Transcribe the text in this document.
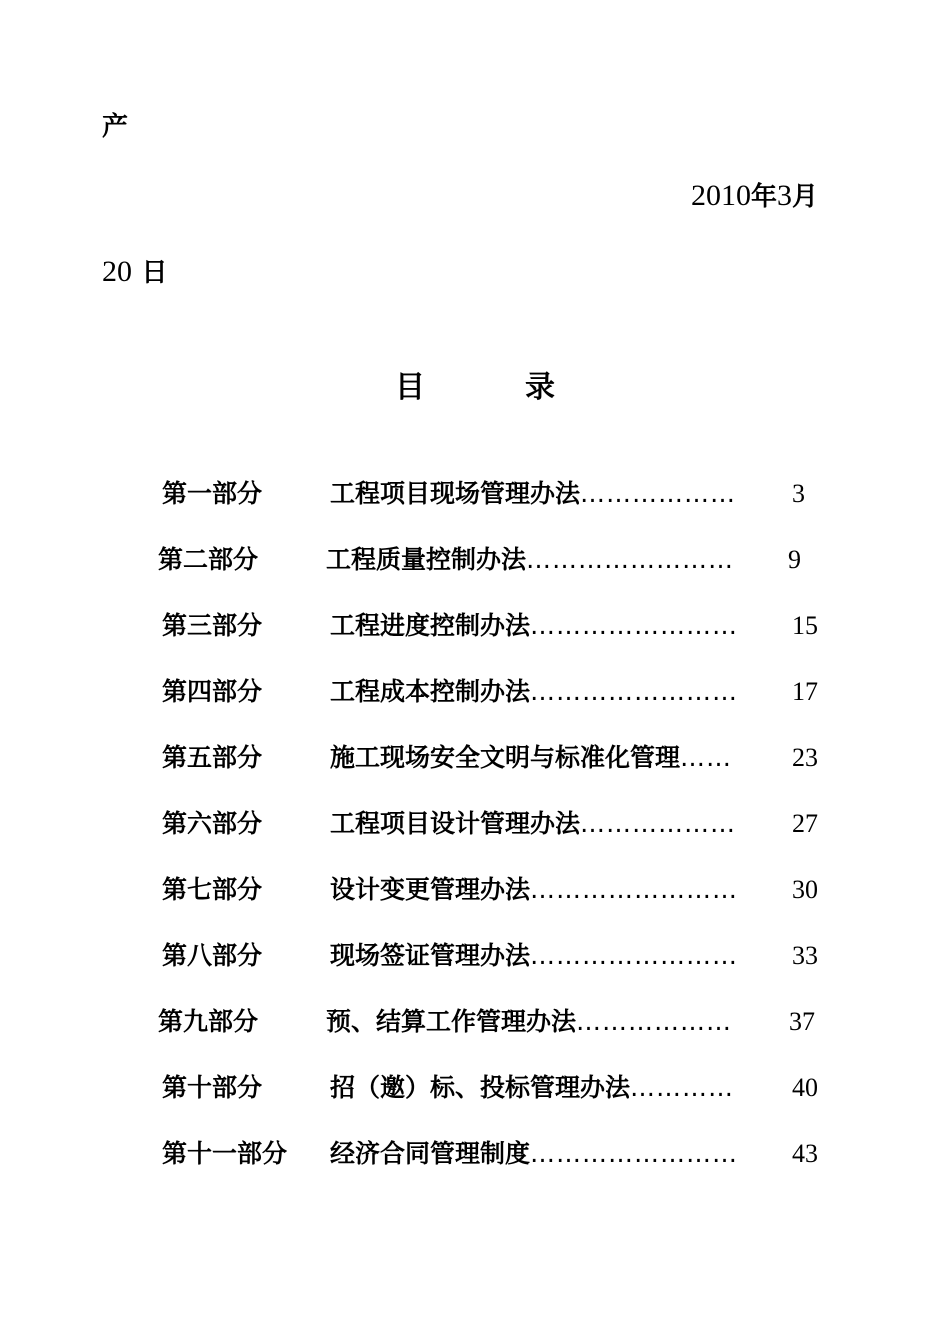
产
2010年3月
20 日
目	录
第一部分	工程项目现场管理办法……………… 3
第二部分	工程质量控制办法…………………… 9
第三部分	工程进度控制办法…………………… 15
第四部分	工程成本控制办法…………………… 17
第五部分	施工现场安全文明与标准化管理…… 23
第六部分	工程项目设计管理办法……………… 27
第七部分	设计变更管理办法…………………… 30
第八部分	现场签证管理办法…………………… 33
第九部分	预、结算工作管理办法……………… 37
第十部分	招（邀）标、投标管理办法………… 40
第十一部分 经济合同管理制度…………………… 43
